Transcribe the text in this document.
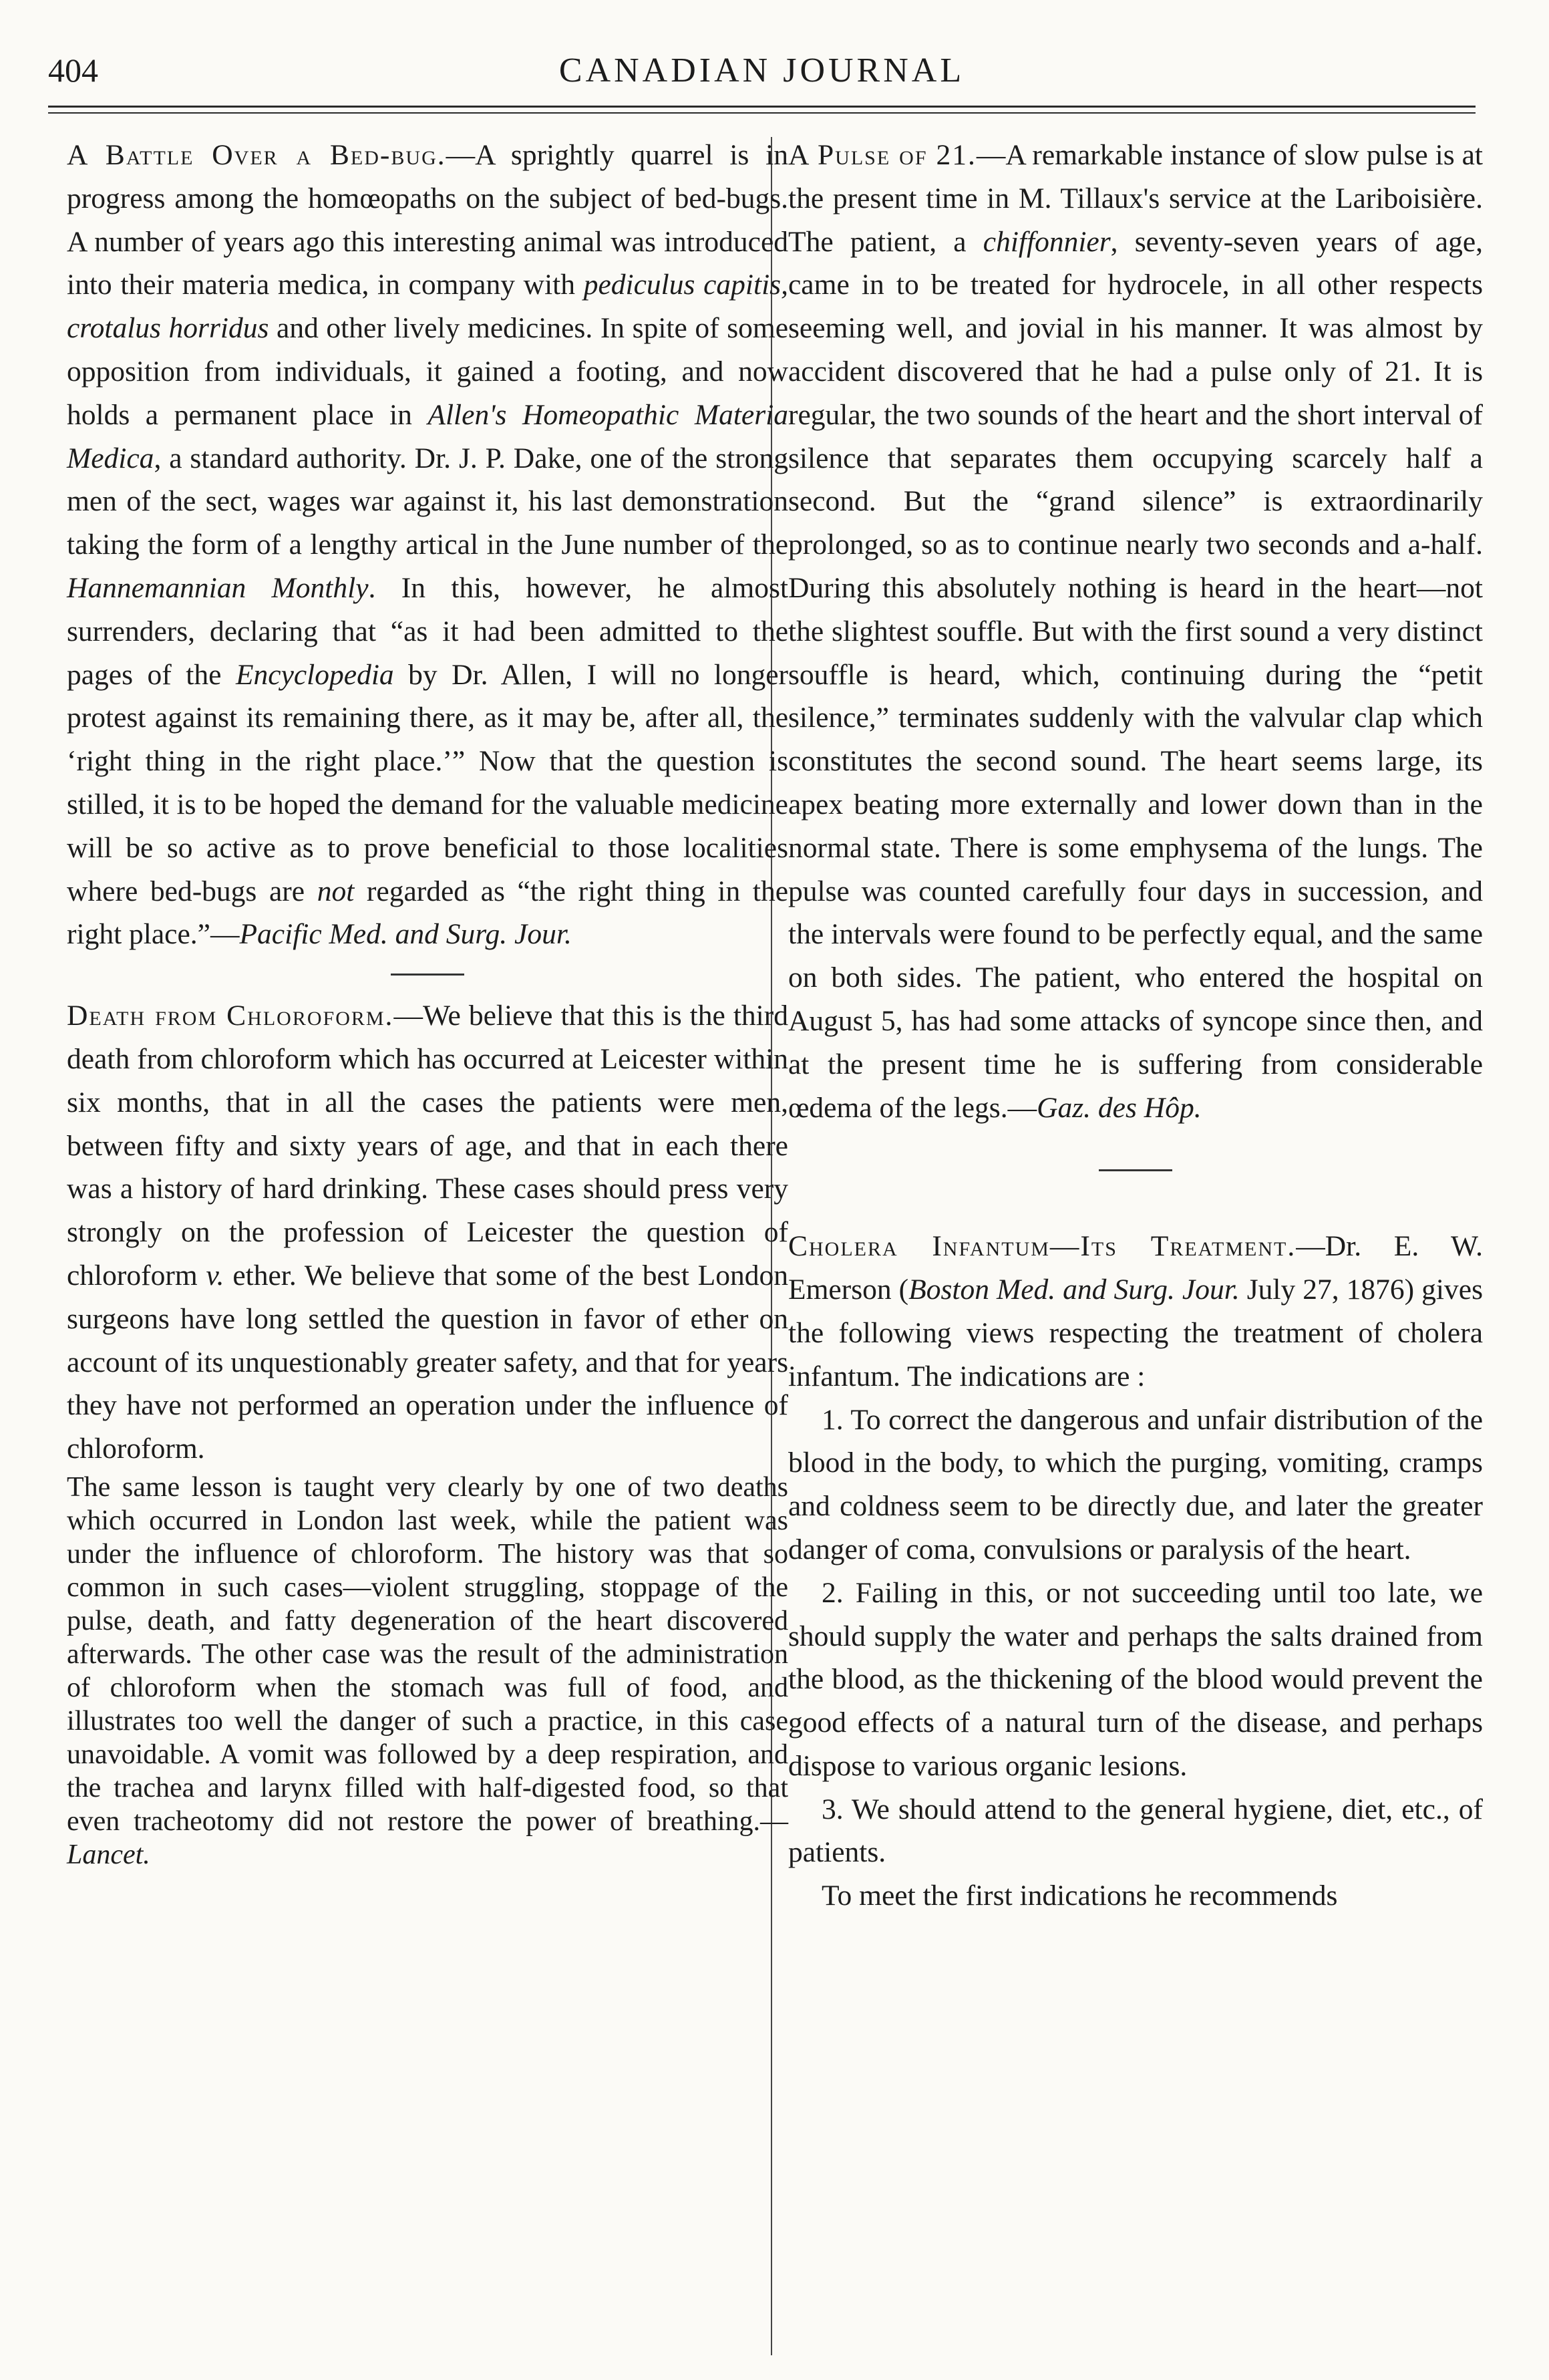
404	CANADIAN JOURNAL

A Battle Over a Bed-bug.—A sprightly quarrel is in progress among the homœopaths on the subject of bed-bugs. A number of years ago this interesting animal was introduced into their materia medica, in company with pediculus capitis, crotalus horridus and other lively medicines. In spite of some opposition from individuals, it gained a footing, and now holds a permanent place in Allen's Homeopathic Materia Medica, a standard authority. Dr. J. P. Dake, one of the strong men of the sect, wages war against it, his last demonstration taking the form of a lengthy artical in the June number of the Hannemannian Monthly. In this, however, he almost surrenders, declaring that “as it had been admitted to the pages of the Encyclopedia by Dr. Allen, I will no longer protest against its remaining there, as it may be, after all, the ‘right thing in the right place.’” Now that the question is stilled, it is to be hoped the demand for the valuable medicine will be so active as to prove beneficial to those localities where bed-bugs are not regarded as “the right thing in the right place.”—Pacific Med. and Surg. Jour.

Death from Chloroform.—We believe that this is the third death from chloroform which has occurred at Leicester within six months, that in all the cases the patients were men, between fifty and sixty years of age, and that in each there was a history of hard drinking. These cases should press very strongly on the profession of Leicester the question of chloroform v. ether. We believe that some of the best London surgeons have long settled the question in favor of ether on account of its unquestionably greater safety, and that for years they have not performed an operation under the influence of chloroform.

The same lesson is taught very clearly by one of two deaths which occurred in London last week, while the patient was under the influence of chloroform. The history was that so common in such cases—violent struggling, stoppage of the pulse, death, and fatty degeneration of the heart discovered afterwards. The other case was the result of the administration of chloroform when the stomach was full of food, and illustrates too well the danger of such a practice, in this case unavoidable. A vomit was followed by a deep respiration, and the trachea and larynx filled with half-digested food, so that even tracheotomy did not restore the power of breathing.—Lancet.

A Pulse of 21.—A remarkable instance of slow pulse is at the present time in M. Tillaux's service at the Lariboisière. The patient, a chiffonnier, seventy-seven years of age, came in to be treated for hydrocele, in all other respects seeming well, and jovial in his manner. It was almost by accident discovered that he had a pulse only of 21. It is regular, the two sounds of the heart and the short interval of silence that separates them occupying scarcely half a second. But the “grand silence” is extraordinarily prolonged, so as to continue nearly two seconds and a-half. During this absolutely nothing is heard in the heart—not the slightest souffle. But with the first sound a very distinct souffle is heard, which, continuing during the “petit silence,” terminates suddenly with the valvular clap which constitutes the second sound. The heart seems large, its apex beating more externally and lower down than in the normal state. There is some emphysema of the lungs. The pulse was counted carefully four days in succession, and the intervals were found to be perfectly equal, and the same on both sides. The patient, who entered the hospital on August 5, has had some attacks of syncope since then, and at the present time he is suffering from considerable œdema of the legs.—Gaz. des Hôp.

Cholera Infantum—Its Treatment.—Dr. E. W. Emerson (Boston Med. and Surg. Jour. July 27, 1876) gives the following views respecting the treatment of cholera infantum. The indications are :

1. To correct the dangerous and unfair distribution of the blood in the body, to which the purging, vomiting, cramps and coldness seem to be directly due, and later the greater danger of coma, convulsions or paralysis of the heart.

2. Failing in this, or not succeeding until too late, we should supply the water and perhaps the salts drained from the blood, as the thickening of the blood would prevent the good effects of a natural turn of the disease, and perhaps dispose to various organic lesions.

3. We should attend to the general hygiene, diet, etc., of patients.

To meet the first indications he recommends
